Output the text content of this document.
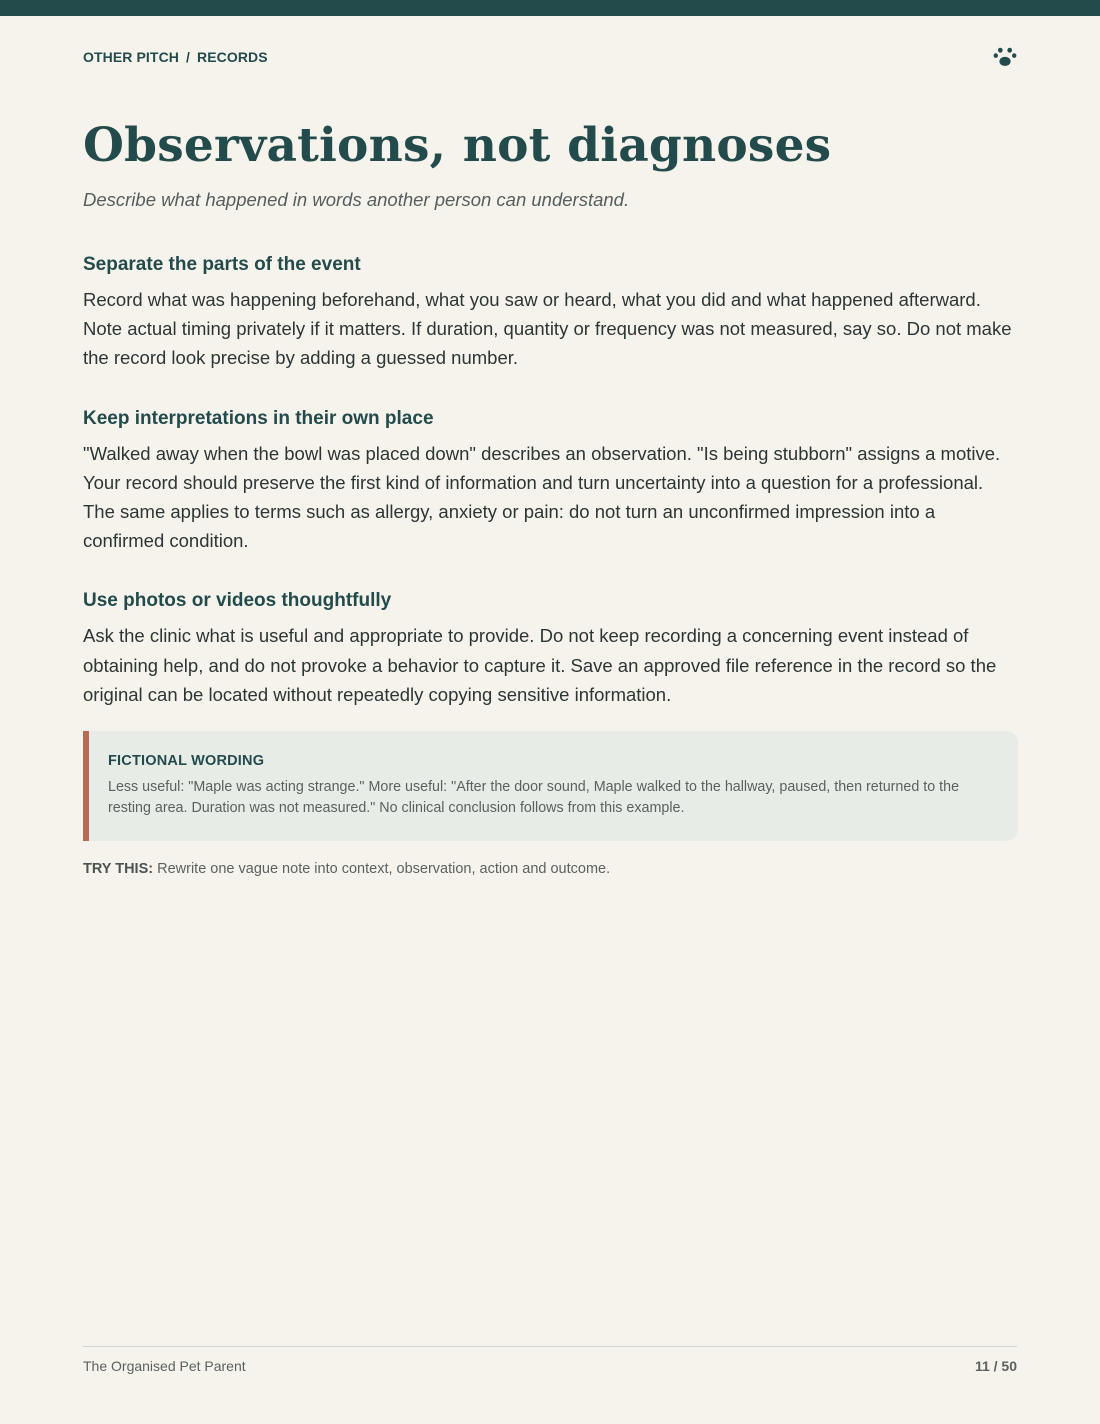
OTHER PITCH / RECORDS
Observations, not diagnoses

Describe what happened in words another person can understand.

Separate the parts of the event

Record what was happening beforehand, what you saw or heard, what you did and what happened afterward. Note actual timing privately if it matters. If duration, quantity or frequency was not measured, say so. Do not make the record look precise by adding a guessed number.

Keep interpretations in their own place

"Walked away when the bowl was placed down" describes an observation. "Is being stubborn" assigns a motive. Your record should preserve the first kind of information and turn uncertainty into a question for a professional. The same applies to terms such as allergy, anxiety or pain: do not turn an unconfirmed impression into a confirmed condition.

Use photos or videos thoughtfully

Ask the clinic what is useful and appropriate to provide. Do not keep recording a concerning event instead of obtaining help, and do not provoke a behavior to capture it. Save an approved file reference in the record so the original can be located without repeatedly copying sensitive information.

FICTIONAL WORDING
Less useful: "Maple was acting strange." More useful: "After the door sound, Maple walked to the hallway, paused, then returned to the resting area. Duration was not measured." No clinical conclusion follows from this example.

TRY THIS: Rewrite one vague note into context, observation, action and outcome.

The Organised Pet Parent	11 / 50
